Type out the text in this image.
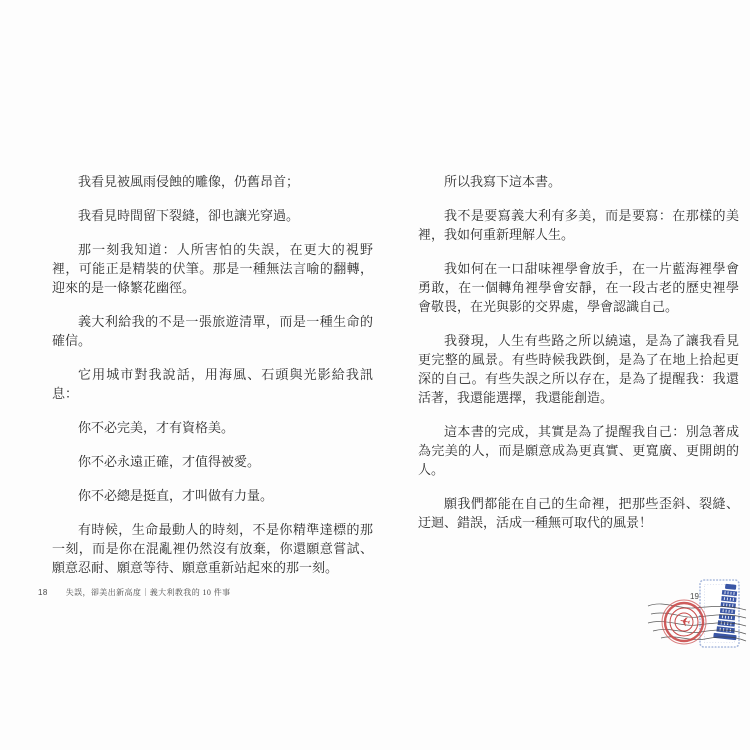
我看見被風雨侵蝕的雕像，仍舊昂首；

我看見時間留下裂縫，卻也讓光穿過。

那一刻我知道：人所害怕的失誤，在更大的視野裡，可能正是精裝的伏筆。那是一種無法言喻的翻轉，迎來的是一條繁花幽徑。

義大利給我的不是一張旅遊清單，而是一種生命的確信。

它用城市對我說話，用海風、石頭與光影給我訊息：

你不必完美，才有資格美。

你不必永遠正確，才值得被愛。

你不必總是挺直，才叫做有力量。

有時候，生命最動人的時刻，不是你精準達標的那一刻，而是你在混亂裡仍然沒有放棄，你還願意嘗試、願意忍耐、願意等待、願意重新站起來的那一刻。

所以我寫下這本書。

我不是要寫義大利有多美，而是要寫：在那樣的美裡，我如何重新理解人生。

我如何在一口甜味裡學會放手，在一片藍海裡學會勇敢，在一個轉角裡學會安靜，在一段古老的歷史裡學會敬畏，在光與影的交界處，學會認識自己。

我發現，人生有些路之所以繞遠，是為了讓我看見更完整的風景。有些時候我跌倒，是為了在地上拾起更深的自己。有些失誤之所以存在，是為了提醒我：我還活著，我還能選擇，我還能創造。

這本書的完成，其實是為了提醒我自己：別急著成為完美的人，而是願意成為更真實、更寬廣、更開朗的人。

願我們都能在自己的生命裡，把那些歪斜、裂縫、迂迴、錯誤，活成一種無可取代的風景！

18 失誤，卻美出新高度｜義大利教我的 10 件事	19
✈
